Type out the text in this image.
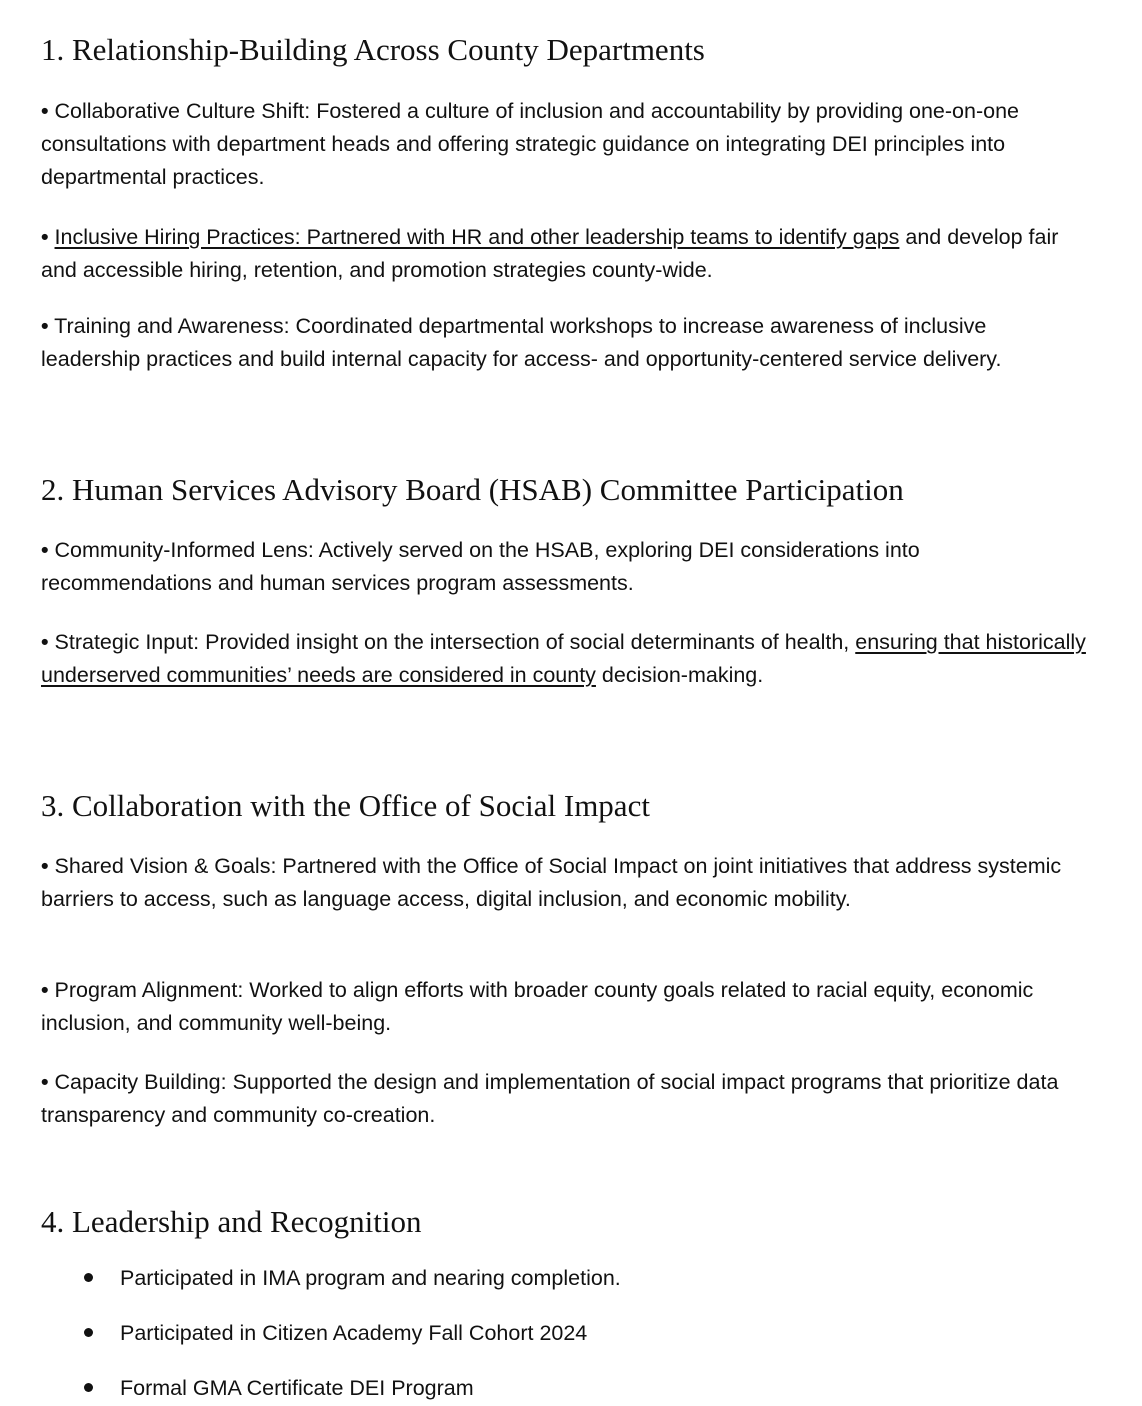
1. Relationship-Building Across County Departments

• Collaborative Culture Shift: Fostered a culture of inclusion and accountability by providing one-on-one consultations with department heads and offering strategic guidance on integrating DEI principles into departmental practices.

• Inclusive Hiring Practices: Partnered with HR and other leadership teams to identify gaps and develop fair and accessible hiring, retention, and promotion strategies county-wide.

• Training and Awareness: Coordinated departmental workshops to increase awareness of inclusive leadership practices and build internal capacity for access- and opportunity-centered service delivery.

2. Human Services Advisory Board (HSAB) Committee Participation

• Community-Informed Lens: Actively served on the HSAB, exploring DEI considerations into recommendations and human services program assessments.

• Strategic Input: Provided insight on the intersection of social determinants of health, ensuring that historically underserved communities’ needs are considered in county decision-making.

3. Collaboration with the Office of Social Impact

• Shared Vision & Goals: Partnered with the Office of Social Impact on joint initiatives that address systemic barriers to access, such as language access, digital inclusion, and economic mobility.

• Program Alignment: Worked to align efforts with broader county goals related to racial equity, economic inclusion, and community well-being.

• Capacity Building: Supported the design and implementation of social impact programs that prioritize data transparency and community co-creation.

4. Leadership and Recognition
Participated in IMA program and nearing completion.
Participated in Citizen Academy Fall Cohort 2024
Formal GMA Certificate DEI Program
